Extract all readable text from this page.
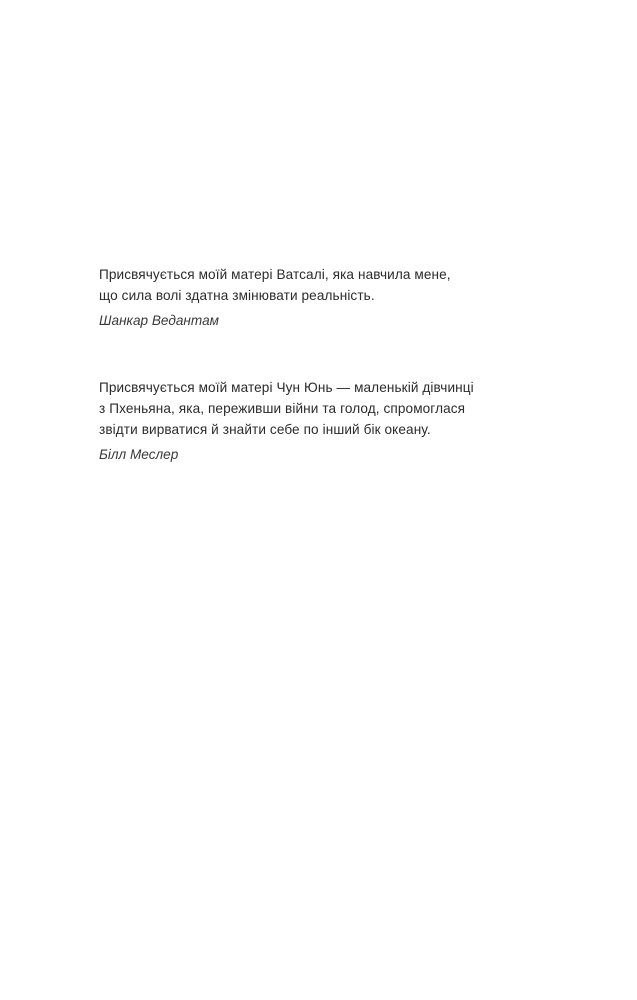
Присвячується моїй матері Ватсалі, яка навчила мене,
що сила волі здатна змінювати реальність.
Шанкар Ведантам
Присвячується моїй матері Чун Юнь — маленькій дівчинці
з Пхеньяна, яка, переживши війни та голод, спромоглася
звідти вирватися й знайти себе по інший бік океану.
Білл Меслер
